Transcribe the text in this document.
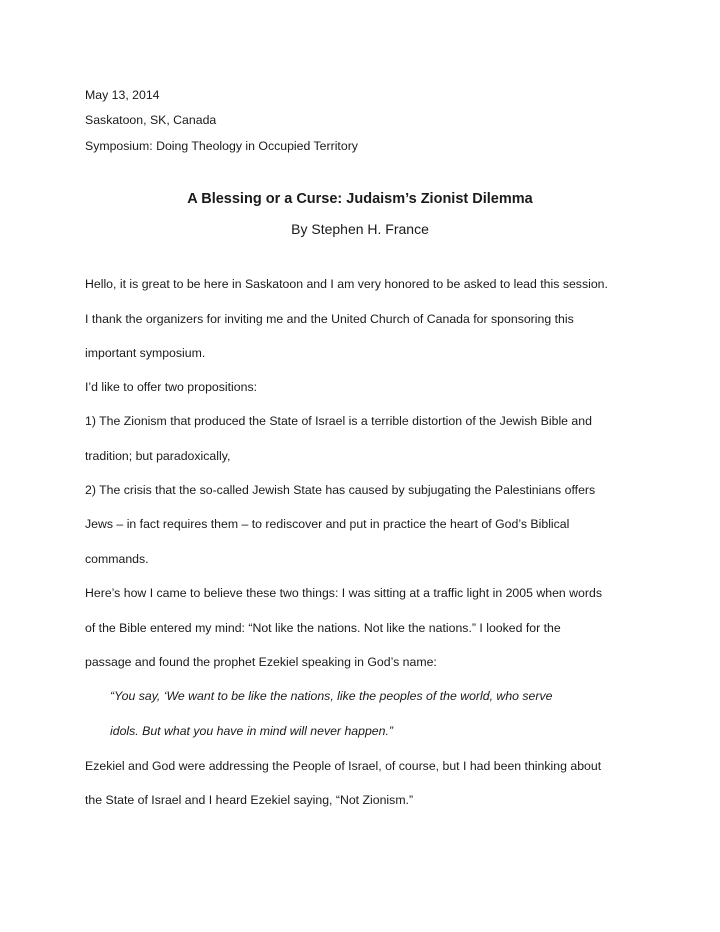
May 13, 2014
Saskatoon, SK, Canada
Symposium: Doing Theology in Occupied Territory
A Blessing or a Curse: Judaism’s Zionist Dilemma
By Stephen H. France
Hello, it is great to be here in Saskatoon and I am very honored to be asked to lead this session.
I thank the organizers for inviting me and the United Church of Canada for sponsoring this
important symposium.
I’d like to offer two propositions:
1) The Zionism that produced the State of Israel is a terrible distortion of the Jewish Bible and
tradition; but paradoxically,
2) The crisis that the so-called Jewish State has caused by subjugating the Palestinians offers
Jews – in fact requires them – to rediscover and put in practice the heart of God’s Biblical
commands.
Here’s how I came to believe these two things: I was sitting at a traffic light in 2005 when words
of the Bible entered my mind: “Not like the nations. Not like the nations.” I looked for the
passage and found the prophet Ezekiel speaking in God’s name:
“You say, ‘We want to be like the nations, like the peoples of the world, who serve
idols. But what you have in mind will never happen.”
Ezekiel and God were addressing the People of Israel, of course, but I had been thinking about
the State of Israel and I heard Ezekiel saying, “Not Zionism.”
